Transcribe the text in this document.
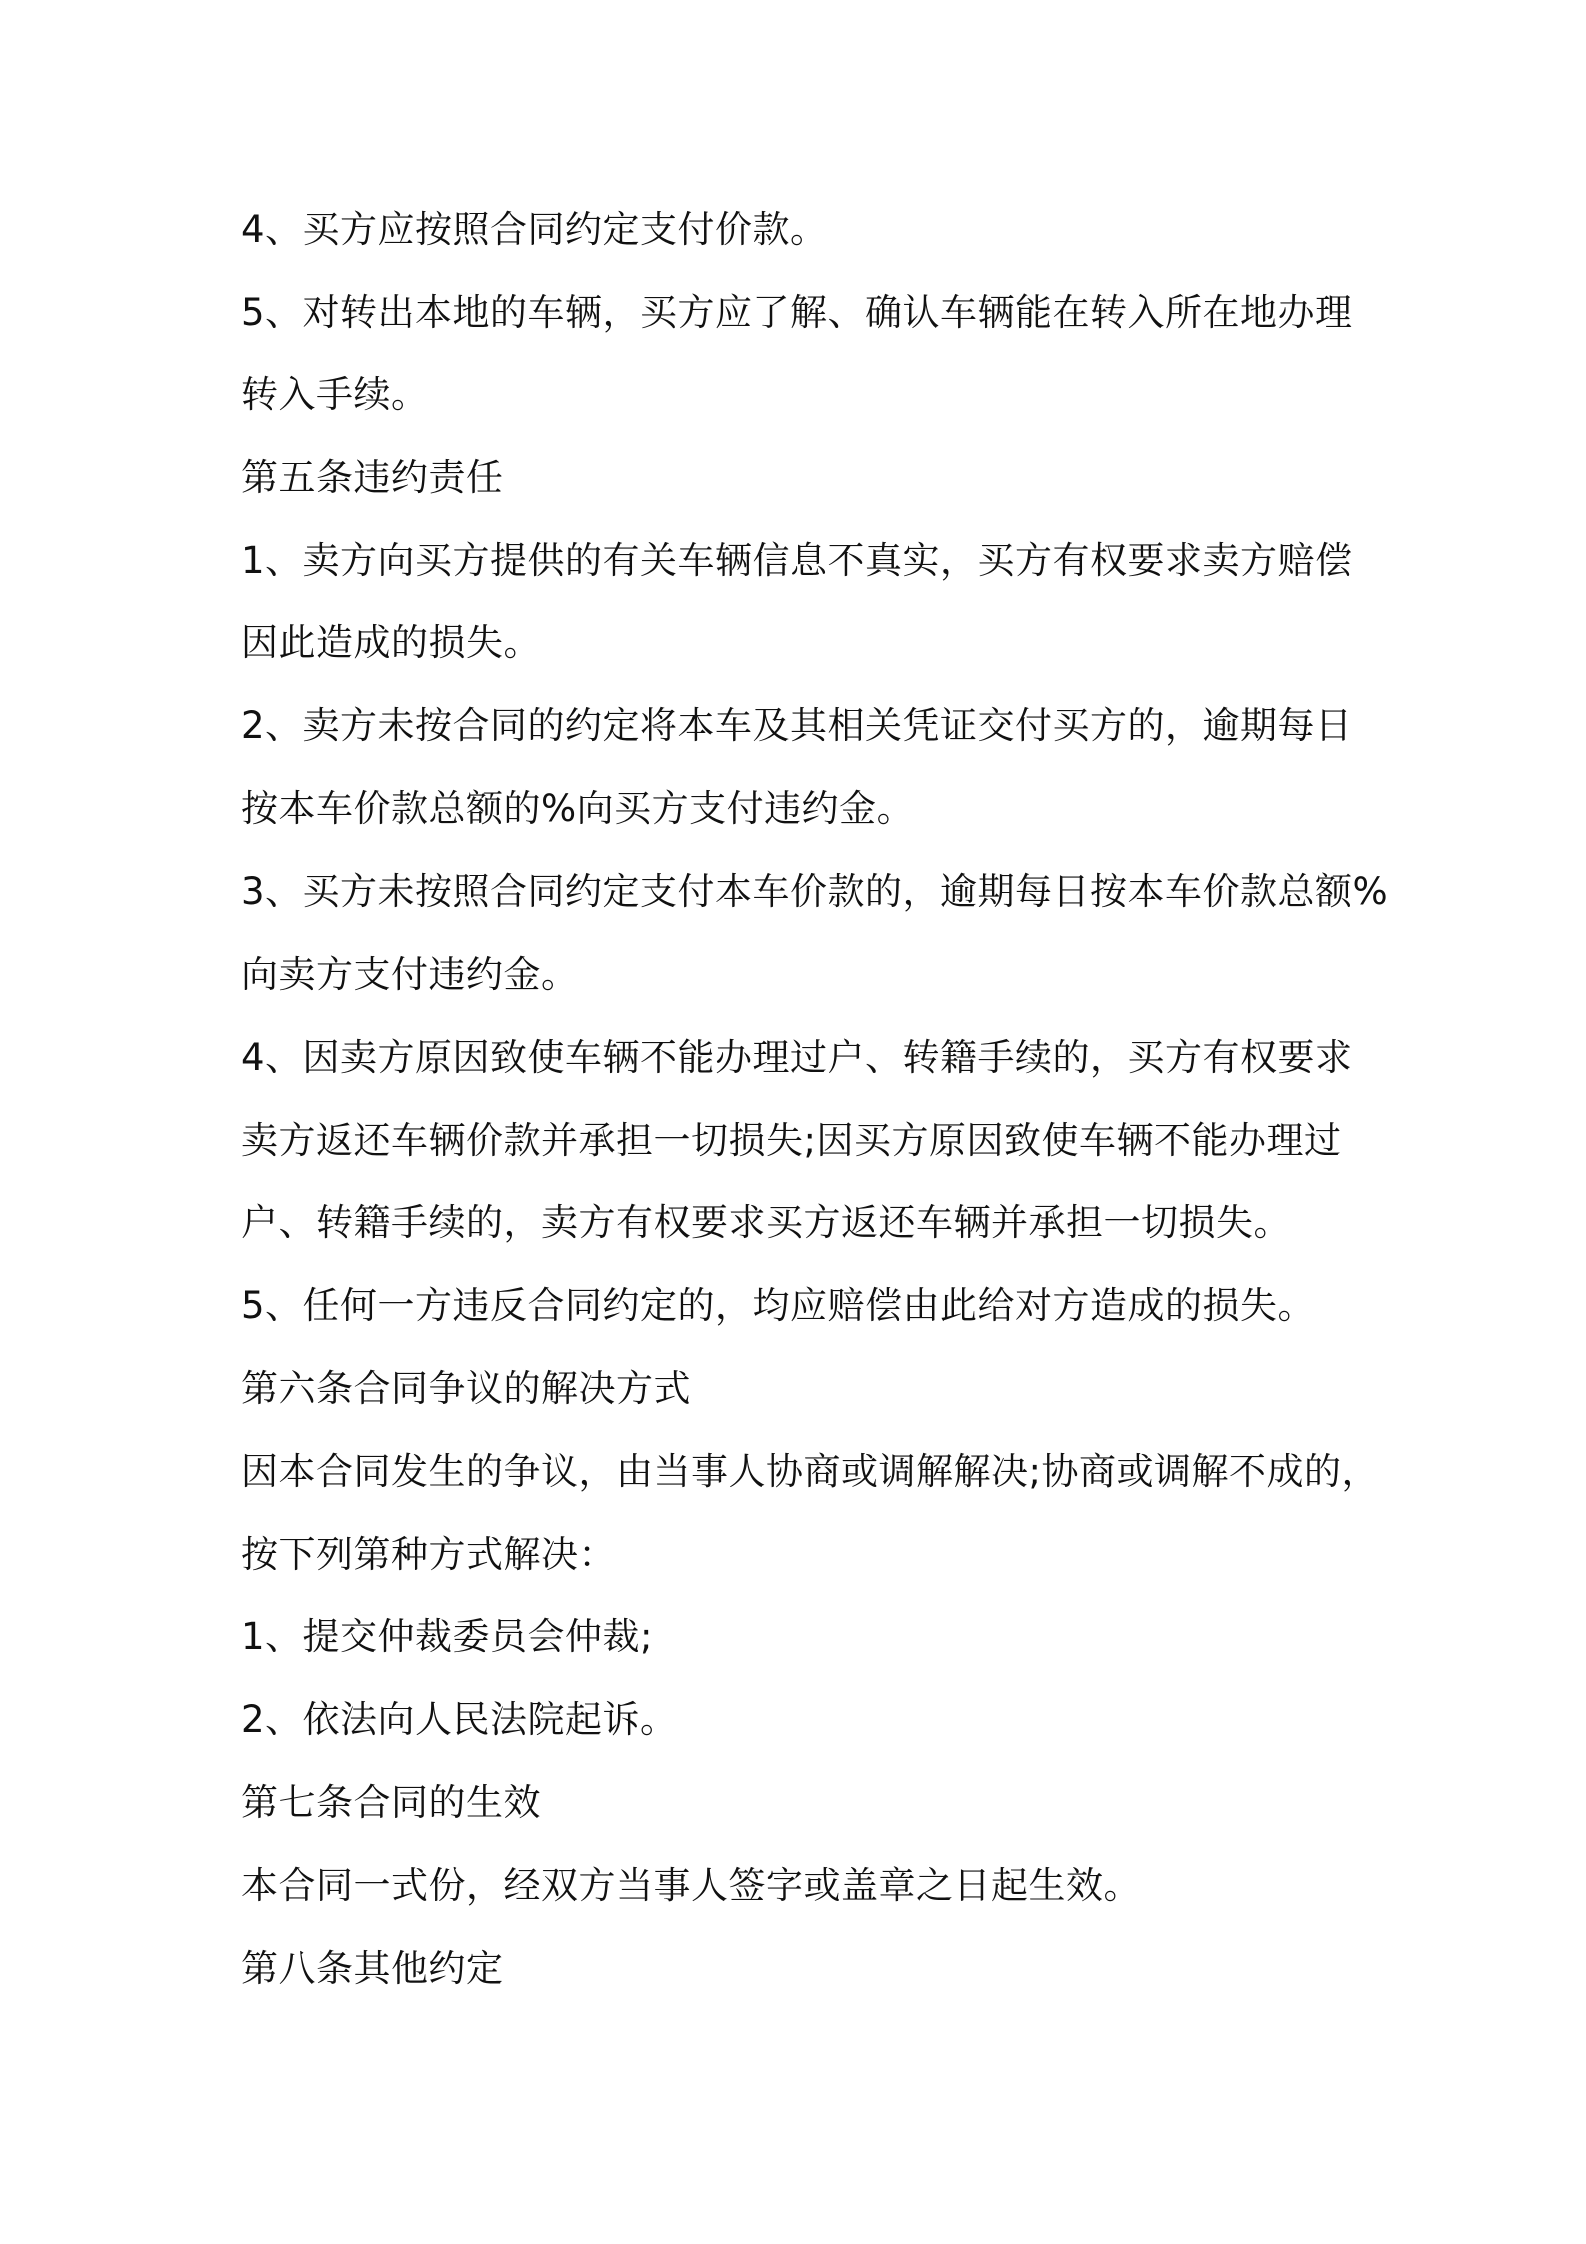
4、买方应按照合同约定支付价款。
5、对转出本地的车辆，买方应了解、确认车辆能在转入所在地办理
转入手续。
第五条违约责任
1、卖方向买方提供的有关车辆信息不真实，买方有权要求卖方赔偿
因此造成的损失。
2、卖方未按合同的约定将本车及其相关凭证交付买方的，逾期每日
按本车价款总额的%向买方支付违约金。
3、买方未按照合同约定支付本车价款的，逾期每日按本车价款总额%
向卖方支付违约金。
4、因卖方原因致使车辆不能办理过户、转籍手续的，买方有权要求
卖方返还车辆价款并承担一切损失;因买方原因致使车辆不能办理过
户、转籍手续的，卖方有权要求买方返还车辆并承担一切损失。
5、任何一方违反合同约定的，均应赔偿由此给对方造成的损失。
第六条合同争议的解决方式
因本合同发生的争议，由当事人协商或调解解决;协商或调解不成的，
按下列第种方式解决：
1、提交仲裁委员会仲裁;
2、依法向人民法院起诉。
第七条合同的生效
本合同一式份，经双方当事人签字或盖章之日起生效。
第八条其他约定
